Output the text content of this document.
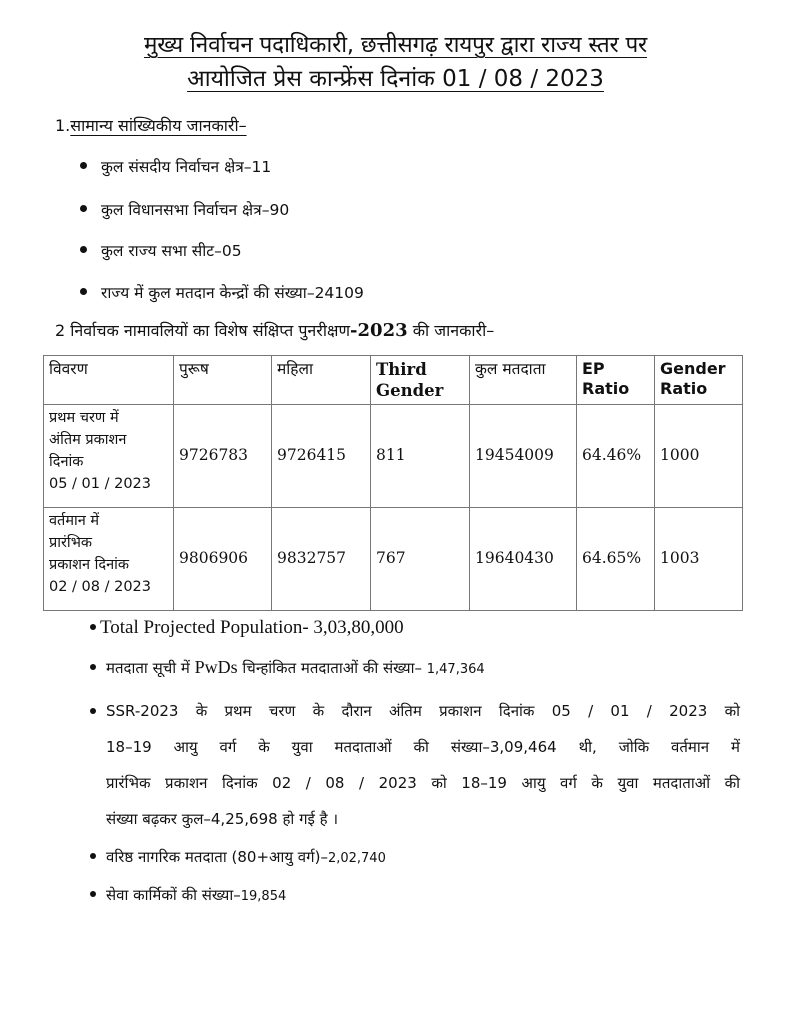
मुख्य निर्वाचन पदाधिकारी, छत्तीसगढ़ रायपुर द्वारा राज्य स्तर पर
आयोजित प्रेस कान्फ्रेंस दिनांक 01 / 08 / 2023
1.सामान्य सांख्यिकीय जानकारी–
कुल संसदीय निर्वाचन क्षेत्र–11
कुल विधानसभा निर्वाचन क्षेत्र–90
कुल राज्य सभा सीट–05
राज्य में कुल मतदान केन्द्रों की संख्या–24109
2 निर्वाचक नामावलियों का विशेष संक्षिप्त पुनरीक्षण-2023 की जानकारी–
विवरण	पुरूष	महिला	Third Gender	कुल मतदाता	EP Ratio	Gender Ratio

प्रथम चरण में
अंतिम प्रकाशन
दिनांक
05 / 01 / 2023	9726783	9726415	811	19454009	64.46%	1000

वर्तमान में
प्रारंभिक
प्रकाशन दिनांक
02 / 08 / 2023	9806906	9832757	767	19640430	64.65%	1003
Total Projected Population- 3,03,80,000
मतदाता सूची में PwDs चिन्हांकित मतदाताओं की संख्या– 1,47,364
SSR-2023 के प्रथम चरण के दौरान अंतिम प्रकाशन दिनांक 05 / 01 / 2023 को
18–19 आयु वर्ग के युवा मतदाताओं की संख्या–3,09,464 थी, जोकि वर्तमान में
प्रारंभिक प्रकाशन दिनांक 02 / 08 / 2023 को 18–19 आयु वर्ग के युवा मतदाताओं की
संख्या बढ़कर कुल–4,25,698 हो गई है ।
वरिष्ठ नागरिक मतदाता (80+आयु वर्ग)–2,02,740
सेवा कार्मिकों की संख्या–19,854
